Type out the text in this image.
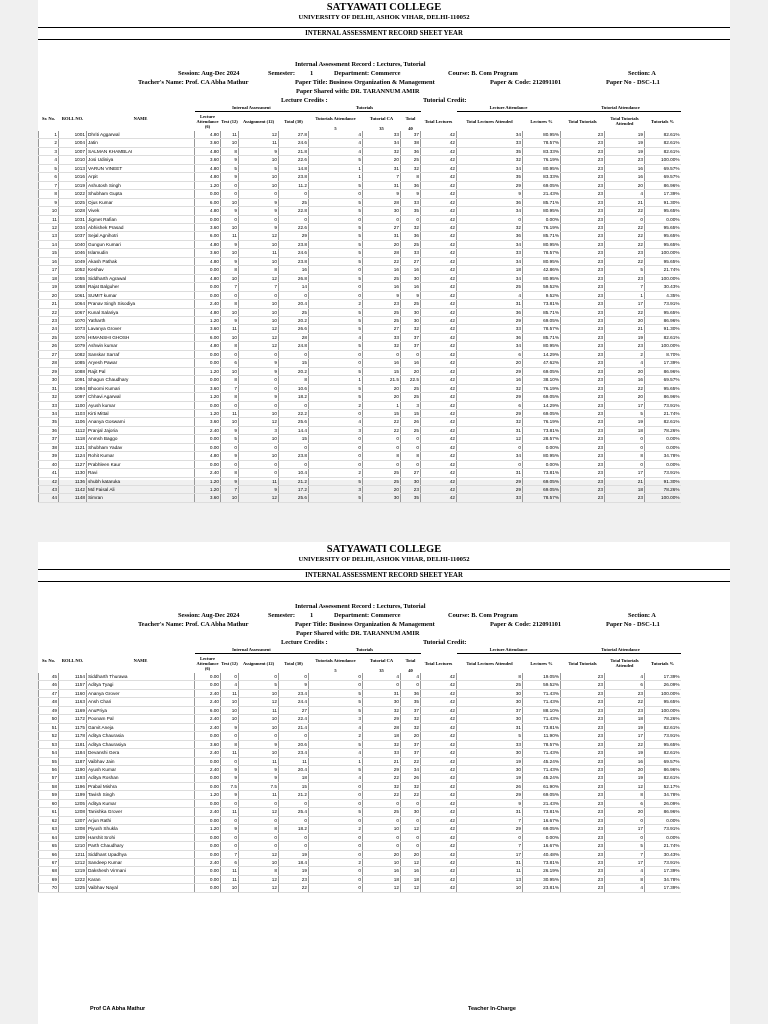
SATYAWATI COLLEGE
UNIVERSITY OF DELHI, ASHOK VIHAR, DELHI-110052
INTERNAL ASSESSMENT RECORD SHEET YEAR
Internal Assessment Record : Lectures, Tutorial
Session: Aug-Dec 2024	Semester: 1	Department: Commerce	Course: B. Com Program	Section: A
Teacher's Name: Prof. CA Abha Mathur	Paper Title: Business Organization & Management	Paper & Code: 212091101	Paper No - DSC-1.1
Paper Shared with: DR. TARANNUM AMIR
Lecture Credits :	Tutorial Credit:
Sr. No.	ROLL NO.	NAME	Internal Assessment				Tutorials				Lecture Attendance		Tutorial Attendance		
			Lecture Attendance (6)	Test (12)	Assignment (12)	Total (30)	Tutorials Attendance	Tutorial CA	Total	Total Lectures	Total Lectures Attended	Lectures %	Total Tutorials	Total Tutorials Attended	Tutorials %
							5	35	40						
1	1001	Dhriti Aggarwal	4.80	11	12	27.8	4	33	37	42	34	80.95%	23	19	82.61%
2	1004	Jatin	3.60	10	11	24.6	4	34	38	42	33	78.57%	23	19	82.61%
3	1007	SALMAN KHAMBLAI	4.80	8	9	21.8	4	32	36	42	35	83.33%	23	19	82.61%
4	1010	Josi Udiniya	3.60	9	10	22.6	5	20	25	42	32	76.19%	23	23	100.00%
5	1013	VARUN VINEET	4.80	5	5	14.8	1	31	32	42	34	80.95%	23	16	69.57%
6	1016	Arpit	4.80	9	10	23.8	1	7	8	42	35	83.33%	23	16	69.57%
7	1019	Ashutosh Singh	1.20	0	10	11.2	5	31	36	42	29	69.05%	23	20	86.96%
8	1022	Shubham Gupta	0.00	0	0	0	0	9	9	42	9	21.43%	23	4	17.39%
9	1025	Ojus Kumar	6.00	10	9	25	5	28	33	42	36	85.71%	23	21	91.30%
10	1028	Vivek	4.80	9	9	22.8	5	30	35	42	34	80.95%	23	22	95.65%
11	1031	Jigmet Rafian	0.00	0	0	0	0	0	0	42	0	0.00%	23	0	0.00%
12	1034	Abhishek Prasad	3.60	10	9	22.6	5	27	32	42	32	76.19%	23	22	95.65%
13	1037	Sejal Agnihotri	6.00	11	12	29	5	31	36	42	36	85.71%	23	22	95.65%
14	1040	Gungun Kumari	4.80	9	10	23.8	5	20	25	42	34	80.95%	23	22	95.65%
15	1046	Islamudin	3.60	10	11	24.6	5	28	33	42	33	78.57%	23	23	100.00%
16	1049	Akash Pathak	4.80	9	10	23.8	5	22	27	42	34	80.95%	23	22	95.65%
17	1052	Keshav	0.00	8	8	16	0	16	16	42	18	42.86%	23	5	21.74%
18	1055	Siddharth Agrawal	4.80	10	12	26.8	5	25	30	42	34	80.95%	23	23	100.00%
19	1058	Rajat Balguher	0.00	7	7	14	0	16	16	42	25	59.52%	23	7	30.43%
20	1061	SUMIT kumar	0.00	0	0	0	0	9	9	42	4	9.52%	23	1	4.35%
21	1064	Pranav Singh Sisodiya	2.40	8	10	20.4	2	23	25	42	31	73.81%	23	17	73.91%
22	1067	Kunal Salariya	4.80	10	10	25	5	25	30	42	36	85.71%	23	22	95.65%
23	1070	Yatharth	1.20	9	10	20.2	5	25	30	42	29	69.05%	23	20	86.96%
24	1073	Lavanya Grover	3.60	11	12	26.6	5	27	32	42	33	78.57%	23	21	91.30%
25	1076	HIMANSHI GHOSH	6.00	10	12	28	4	33	37	42	36	85.71%	23	19	82.61%
26	1079	Ashwin kumar	4.80	8	12	24.8	5	32	37	42	34	80.95%	23	23	100.00%
27	1082	Sanskar Sarraf	0.00	0	0	0	0	0	0	42	6	14.29%	23	2	8.70%
28	1085	Aryesh Pawar	0.00	6	9	15	0	16	16	42	20	47.62%	23	4	17.39%
29	1088	Rajit Pal	1.20	10	9	20.2	5	15	20	42	29	69.05%	23	20	86.96%
30	1091	Shagun Chaudhary	0.00	8	0	8	1	21.5	22.5	42	16	38.10%	23	16	69.57%
31	1094	Bhoomi Kumari	3.60	7	0	10.6	5	20	25	42	32	76.19%	23	22	95.65%
32	1097	Chhavi Agarwal	1.20	8	9	18.2	5	20	25	42	29	69.05%	23	20	86.96%
33	1100	Ayush kumar	0.00	0	0	0	2	1	3	42	6	14.29%	23	17	73.91%
34	1103	Kirti Mittal	1.20	11	10	22.2	0	15	15	42	29	69.05%	23	5	21.74%
35	1106	Ananya Goswami	3.60	10	12	25.6	4	22	26	42	32	76.19%	23	19	82.61%
36	1112	Pranjal Jajoria	2.40	9	3	14.4	3	22	25	42	31	73.81%	23	18	78.26%
37	1118	Anmsh Baggo	0.00	5	10	15	0	0	0	42	12	28.57%	23	0	0.00%
38	1121	Shubham Yadav	0.00	0	0	0	0	0	0	42	0	0.00%	23	0	0.00%
39	1124	Rohit Kumar	4.80	9	10	23.8	0	8	8	42	34	80.95%	23	8	34.78%
40	1127	Prabhleen Kaur	0.00	0	0	0	0	0	0	42	0	0.00%	23	0	0.00%
41	1130	Ravi	2.40	8	0	10.4	2	25	27	42	31	73.81%	23	17	73.91%
42	1136	shubh kataruka	1.20	9	11	21.2	5	25	30	42	29	69.05%	23	21	91.30%
43	1142	Md Faisal Ali	1.20	7	9	17.2	3	20	23	42	29	69.05%	23	18	78.26%
44	1148	Simran	3.60	10	12	25.6	5	30	35	42	33	78.57%	23	23	100.00%
SATYAWATI COLLEGE
UNIVERSITY OF DELHI, ASHOK VIHAR, DELHI-110052
INTERNAL ASSESSMENT RECORD SHEET YEAR
Internal Assessment Record : Lectures, Tutorial
Session: Aug-Dec 2024	Semester: 1	Department: Commerce	Course: B. Com Program	Section: A
Teacher's Name: Prof. CA Abha Mathur	Paper Title: Business Organization & Management	Paper & Code: 212091101	Paper No - DSC-1.1
Paper Shared with: DR. TARANNUM AMIR
Lecture Credits :	Tutorial Credit:
Sr. No.	ROLL NO.	NAME	Internal Assessment				Tutorials				Lecture Attendance		Tutorial Attendance		
			Lecture Attendance (6)	Test (12)	Assignment (12)	Total (30)	Tutorials Attendance	Tutorial CA	Total	Total Lectures	Total Lectures Attended	Lectures %	Total Tutorials	Total Tutorials Attended	Tutorials %
							5	35	40						
45	1154	Siddharth Thurawa	0.00	0	0	0	0	4	4	42	8	19.05%	23	4	17.39%
46	1157	Aditya Tyagi	0.00	4	5	9	0	0	0	42	25	59.52%	23	6	26.09%
47	1160	Ananya Grover	2.40	11	10	23.4	5	31	36	42	30	71.43%	23	23	100.00%
48	1163	Ansh Chari	2.40	10	12	24.4	5	30	35	42	30	71.43%	23	22	95.65%
49	1169	AnuPriya	6.00	10	11	27	5	32	37	42	37	88.10%	23	23	100.00%
50	1172	Poonam Pal	2.40	10	10	22.4	3	29	32	42	30	71.43%	23	18	78.26%
51	1175	Garvit Aneja	2.40	9	10	21.4	4	28	32	42	31	73.81%	23	19	82.61%
52	1178	Aditya Chaurasia	0.00	0	0	0	2	18	20	42	5	11.90%	23	17	73.91%
53	1181	Aditya Chaurasiya	3.60	8	9	20.6	5	32	37	42	33	78.57%	23	22	95.65%
54	1184	Devanshi Gera	2.40	11	10	23.4	4	33	37	42	30	71.43%	23	19	82.61%
55	1187	Vaibhav Jain	0.00	0	11	11	1	21	22	42	19	45.24%	23	16	69.57%
56	1190	Ayush Kumar	2.40	9	9	20.4	5	29	34	42	30	71.43%	23	20	86.96%
57	1193	Aditya Roshan	0.00	9	9	18	4	22	26	42	19	45.24%	23	19	82.61%
58	1196	Prabal Mishra	0.00	7.5	7.5	15	0	32	32	42	26	61.90%	23	12	52.17%
59	1199	Tavish Singh	1.20	9	11	21.2	0	22	22	42	29	69.05%	23	8	34.78%
60	1205	Aditya Kumar	0.00	0	0	0	0	0	0	42	9	21.43%	23	6	26.09%
61	1208	Tanishka Grover	2.40	11	12	25.4	5	25	30	42	31	73.81%	23	20	86.96%
62	1207	Arjun Rathi	0.00	0	0	0	0	0	0	42	7	16.67%	23	0	0.00%
63	1208	Piyush Shukla	1.20	9	8	18.2	2	10	12	42	29	69.05%	23	17	73.91%
64	1209	Harshit Srohi	0.00	0	0	0	0	0	0	42	0	0.00%	23	0	0.00%
65	1210	Parth Chaudhary	0.00	0	0	0	0	0	0	42	7	16.67%	23	5	21.74%
66	1211	Siddhant Upadhya	0.00	7	12	19	0	20	20	42	17	40.48%	23	7	30.43%
67	1212	Sandeep Kumar	2.40	6	10	18.4	2	10	12	42	31	73.81%	23	17	73.91%
68	1219	Dakshesh Virmani	0.00	11	8	19	0	16	16	42	11	26.19%	23	4	17.39%
69	1222	Karan	0.00	11	12	23	0	18	18	42	13	30.95%	23	8	34.78%
70	1225	Vaibhav Nayal	0.00	10	12	22	0	12	12	42	10	23.81%	23	4	17.39%
Prof CA Abha Mathur	Teacher In-Charge
